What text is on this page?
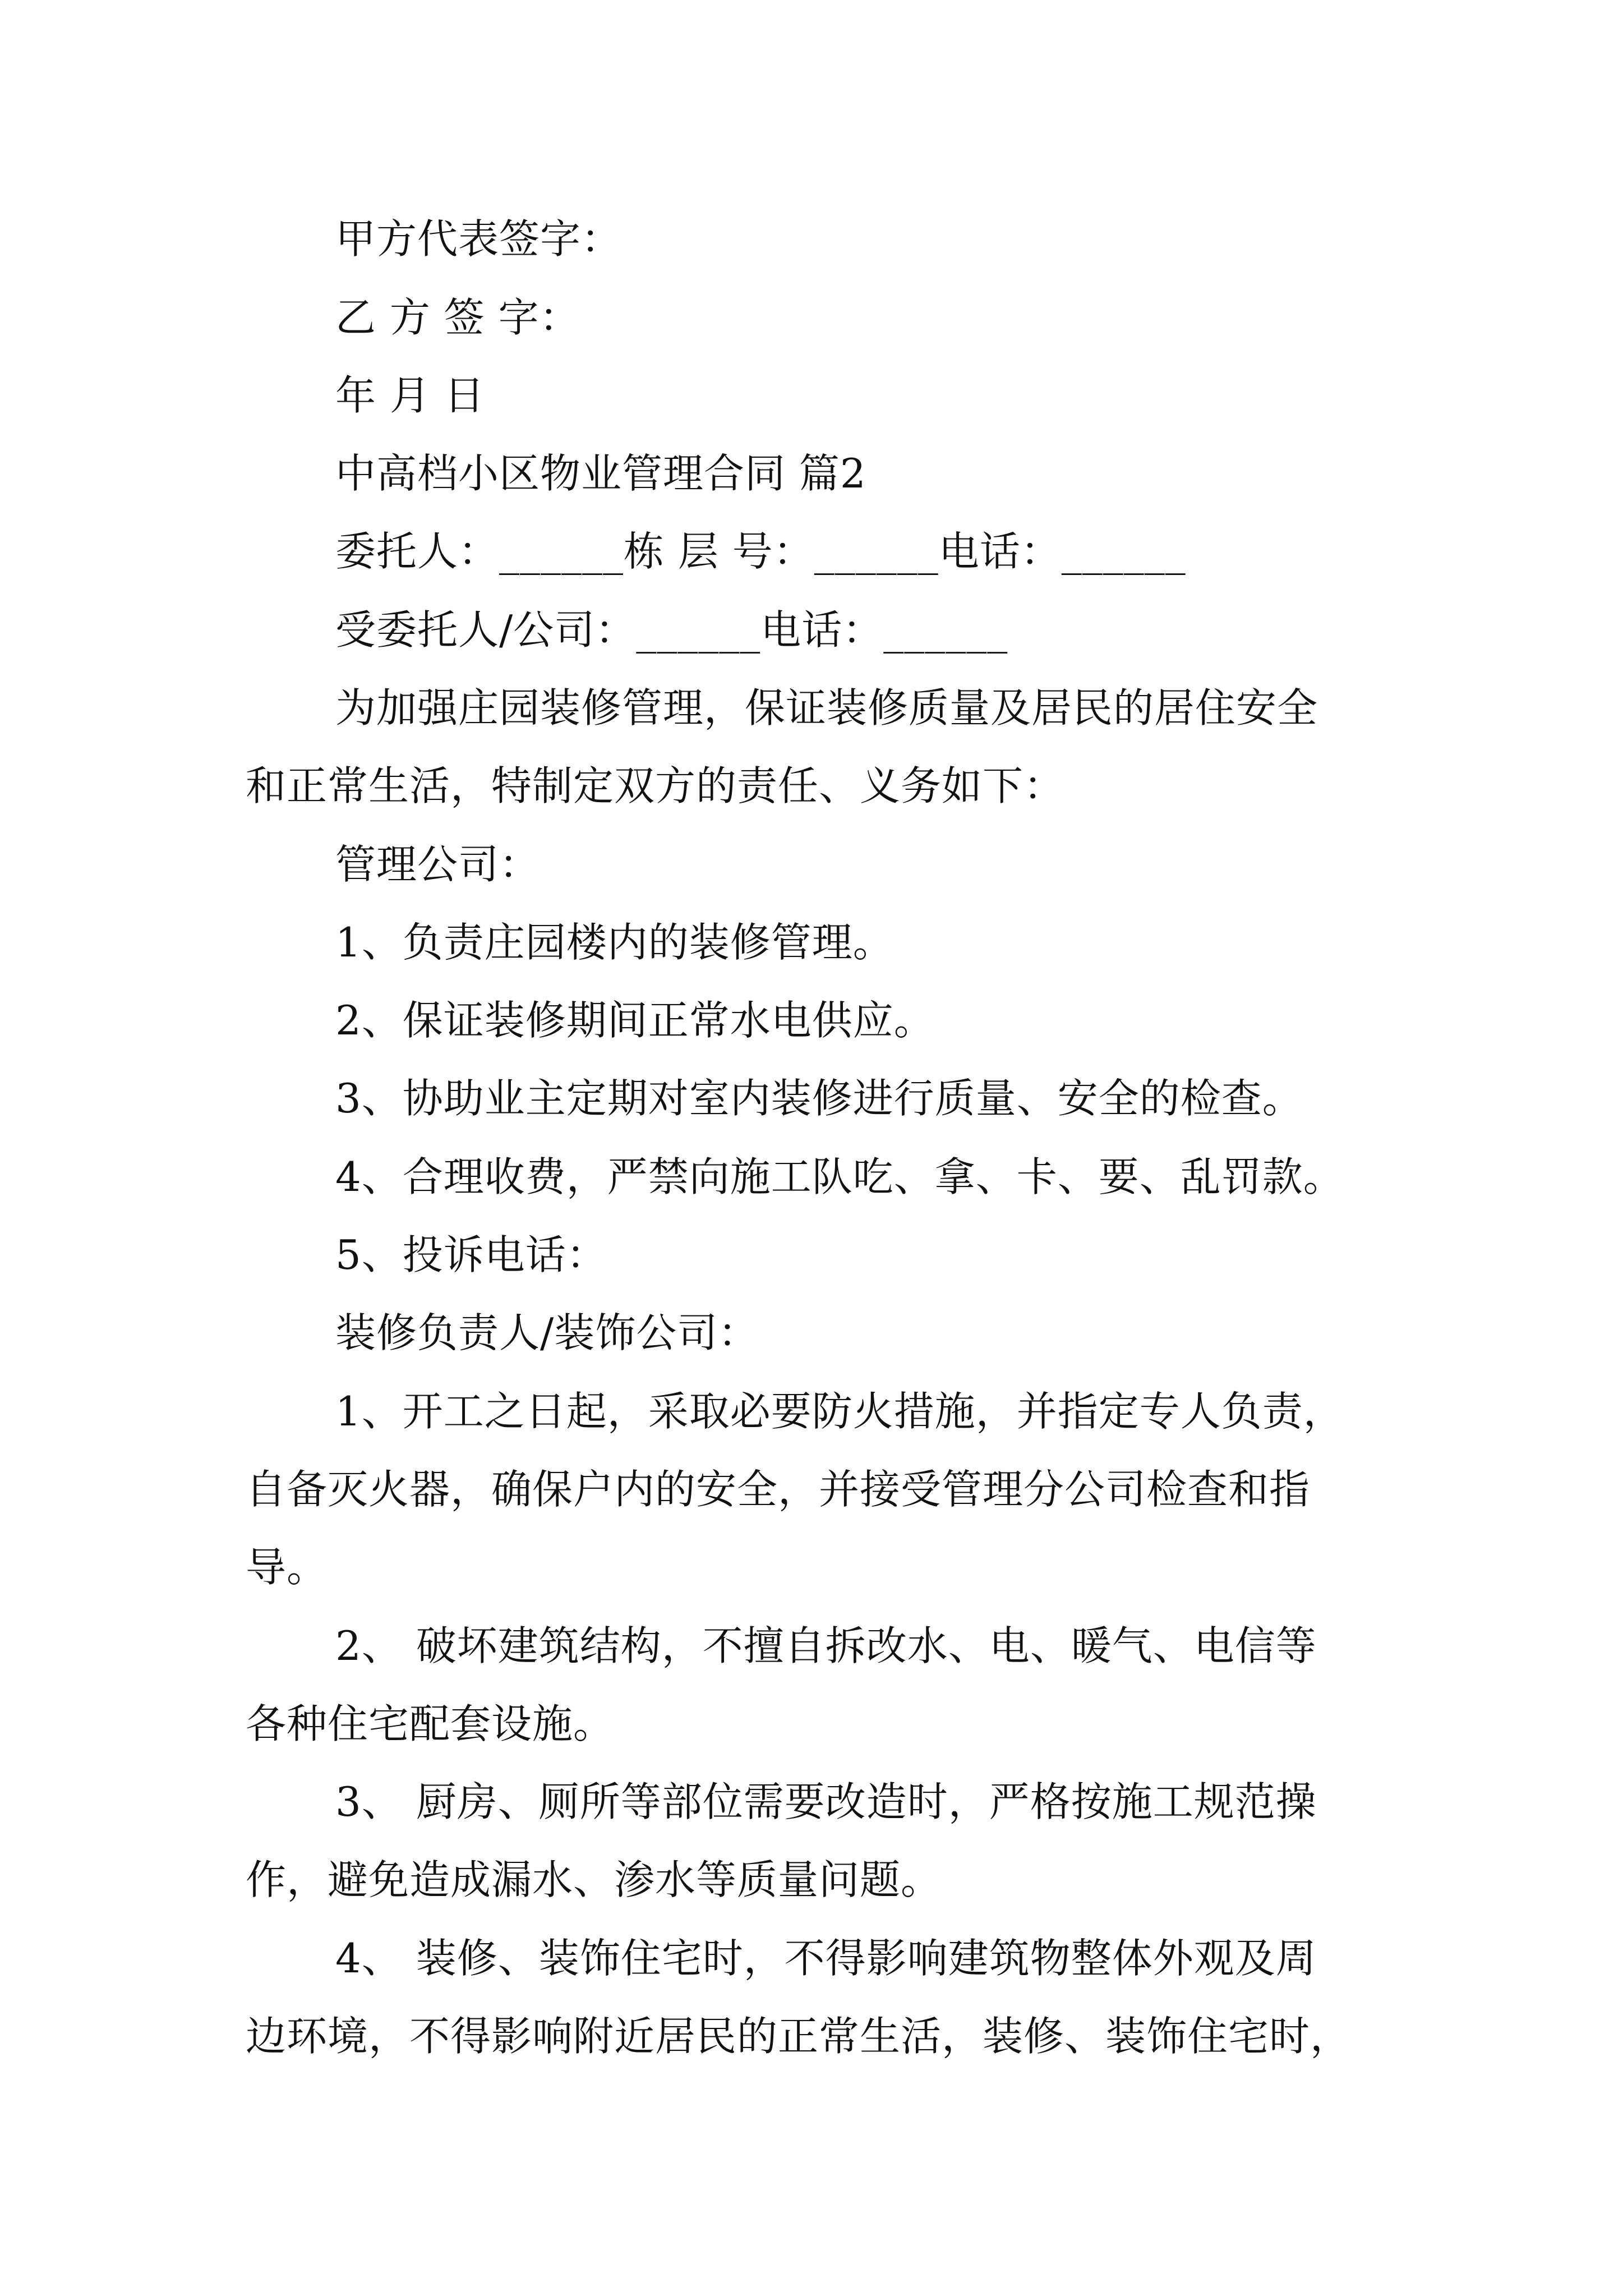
甲方代表签字：
乙 方 签 字：
年 月 日
中高档小区物业管理合同 篇2
委托人：______栋 层 号：______电话：______
受委托人/公司：______电话：______
为加强庄园装修管理，保证装修质量及居民的居住安全
和正常生活，特制定双方的责任、义务如下：
管理公司：
1、负责庄园楼内的装修管理。
2、保证装修期间正常水电供应。
3、协助业主定期对室内装修进行质量、安全的检查。
4、合理收费，严禁向施工队吃、拿、卡、要、乱罚款。
5、投诉电话：
装修负责人/装饰公司：
1、开工之日起，采取必要防火措施，并指定专人负责，
自备灭火器，确保户内的安全，并接受管理分公司检查和指
导。
2、 破坏建筑结构，不擅自拆改水、电、暖气、电信等
各种住宅配套设施。
3、 厨房、厕所等部位需要改造时，严格按施工规范操
作，避免造成漏水、渗水等质量问题。
4、 装修、装饰住宅时，不得影响建筑物整体外观及周
边环境，不得影响附近居民的正常生活，装修、装饰住宅时，
